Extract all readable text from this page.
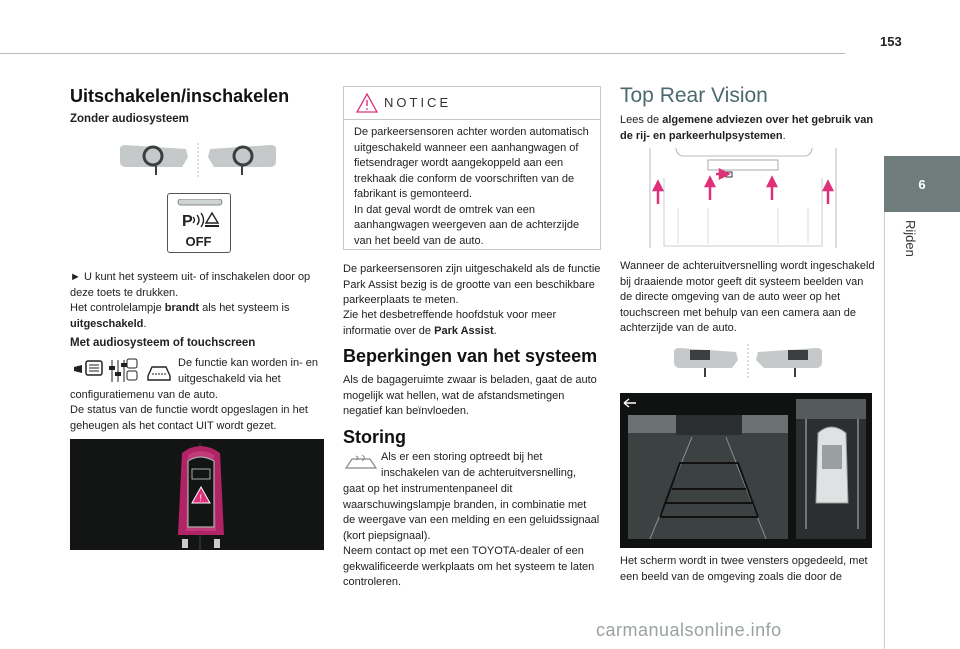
153
6
Rijden
Uitschakelen/inschakelen
Zonder audiosysteem
P
OFF
► U kunt het systeem uit- of inschakelen door op deze toets te drukken.
Het controlelampje brandt als het systeem is
uitgeschakeld.
Met audiosysteem of touchscreen
De functie kan worden in- en
uitgeschakeld via het
configuratiemenu van de auto.
De status van de functie wordt opgeslagen in het geheugen als het contact UIT wordt gezet.
!
NOTICE
De parkeersensoren achter worden automatisch uitgeschakeld wanneer een aanhangwagen of fietsendrager wordt aangekoppeld aan een trekhaak die conform de voorschriften van de fabrikant is gemonteerd.
In dat geval wordt de omtrek van een aanhangwagen weergeven aan de achterzijde van het beeld van de auto.
De parkeersensoren zijn uitgeschakeld als de functie Park Assist bezig is de grootte van een beschikbare parkeerplaats te meten.
Zie het desbetreffende hoofdstuk voor meer informatie over de Park Assist.
Beperkingen van het systeem
Als de bagageruimte zwaar is beladen, gaat de auto mogelijk wat hellen, wat de afstandsmetingen negatief kan beïnvloeden.
Storing
Als er een storing optreedt bij het
inschakelen van de achteruitversnelling,
gaat op het instrumentenpaneel dit waarschuwingslampje branden, in combinatie met de weergave van een melding en een geluidssignaal (kort piepsignaal).
Neem contact op met een TOYOTA-dealer of een gekwalificeerde werkplaats om het systeem te laten controleren.
Top Rear Vision
Lees de algemene adviezen over het gebruik van de rij- en parkeerhulpsystemen.
Wanneer de achteruitversnelling wordt ingeschakeld bij draaiende motor geeft dit systeem beelden van de directe omgeving van de auto weer op het touchscreen met behulp van een camera aan de achterzijde van de auto.
Het scherm wordt in twee vensters opgedeeld, met een beeld van de omgeving zoals die door de
carmanualsonline.info
